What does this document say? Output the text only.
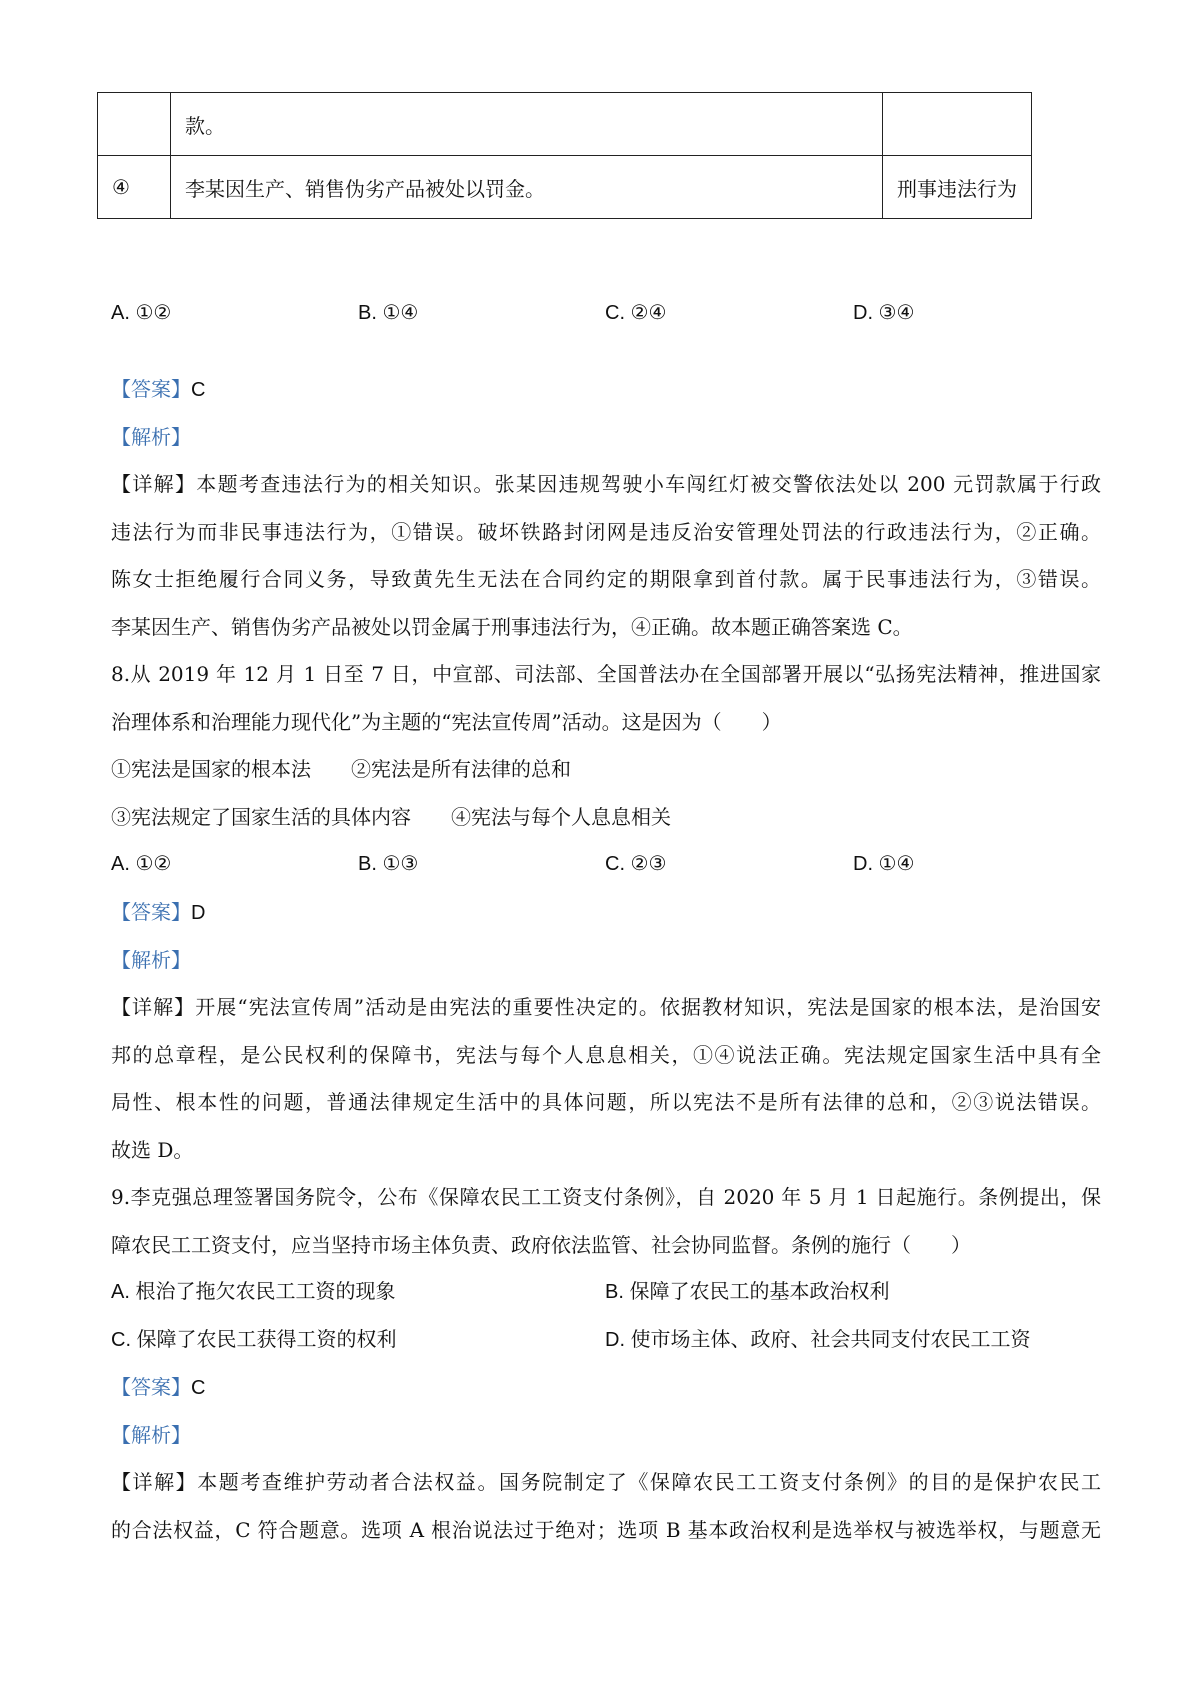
	款。	
④	李某因生产、销售伪劣产品被处以罚金。	刑事违法行为
A. ①②	B. ①④	C. ②④	D. ③④
【答案】C
【解析】
【详解】本题考查违法行为的相关知识。张某因违规驾驶小车闯红灯被交警依法处以 200 元罚款属于行政
违法行为而非民事违法行为，①错误。破坏铁路封闭网是违反治安管理处罚法的行政违法行为，②正确。
陈女士拒绝履行合同义务，导致黄先生无法在合同约定的期限拿到首付款。属于民事违法行为，③错误。
李某因生产、销售伪劣产品被处以罚金属于刑事违法行为，④正确。故本题正确答案选 C。
8.从 2019 年 12 月 1 日至 7 日，中宣部、司法部、全国普法办在全国部署开展以“弘扬宪法精神，推进国家
治理体系和治理能力现代化”为主题的“宪法宣传周”活动。这是因为（　　）
①宪法是国家的根本法　　②宪法是所有法律的总和
③宪法规定了国家生活的具体内容　　④宪法与每个人息息相关
A. ①②	B. ①③	C. ②③	D. ①④
【答案】D
【解析】
【详解】开展“宪法宣传周”活动是由宪法的重要性决定的。依据教材知识，宪法是国家的根本法，是治国安
邦的总章程，是公民权利的保障书，宪法与每个人息息相关，①④说法正确。宪法规定国家生活中具有全
局性、根本性的问题，普通法律规定生活中的具体问题，所以宪法不是所有法律的总和，②③说法错误。
故选 D。
9.李克强总理签署国务院令，公布《保障农民工工资支付条例》，自 2020 年 5 月 1 日起施行。条例提出，保
障农民工工资支付，应当坚持市场主体负责、政府依法监管、社会协同监督。条例的施行（　　）
A. 根治了拖欠农民工工资的现象	B. 保障了农民工的基本政治权利
C. 保障了农民工获得工资的权利	D. 使市场主体、政府、社会共同支付农民工工资
【答案】C
【解析】
【详解】本题考查维护劳动者合法权益。国务院制定了《保障农民工工资支付条例》的目的是保护农民工
的合法权益，C 符合题意。选项 A 根治说法过于绝对；选项 B 基本政治权利是选举权与被选举权，与题意无
